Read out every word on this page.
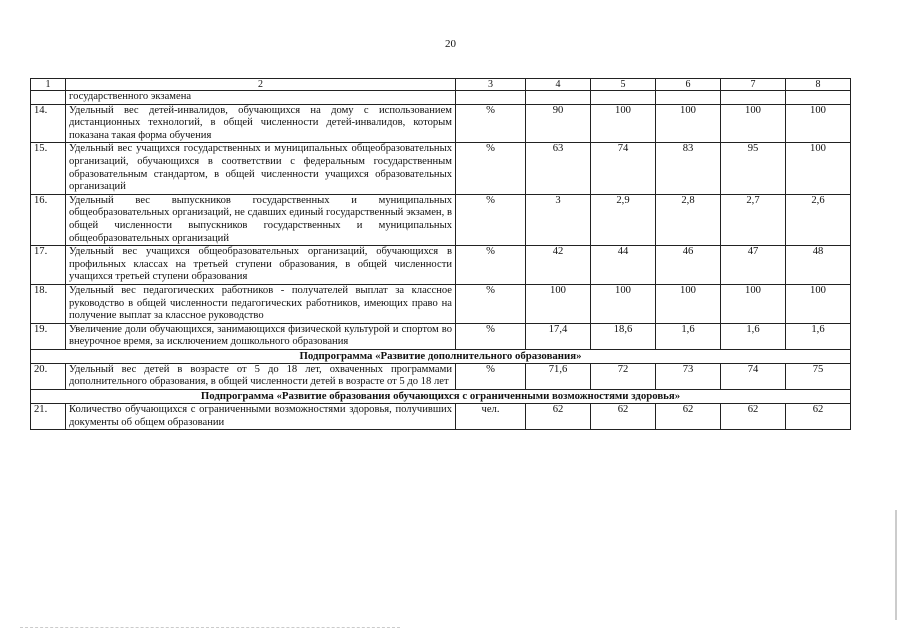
20
1	2	3	4	5	6	7	8
	государственного экзамена						
14.	Удельный вес детей-инвалидов, обучающихся на дому с использованием дистанционных технологий, в общей численности детей-инвалидов, которым показана такая форма обучения	%	90	100	100	100	100
15.	Удельный вес учащихся государственных и муниципальных общеобразовательных организаций, обучающихся в соответствии с федеральным государственным образовательным стандартом, в общей численности учащихся образовательных организаций	%	63	74	83	95	100
16.	Удельный вес выпускников государственных и муниципальных общеобразовательных организаций, не сдавших единый государственный экзамен, в общей численности выпускников государственных и муниципальных общеобразовательных организаций	%	3	2,9	2,8	2,7	2,6
17.	Удельный вес учащихся общеобразовательных организаций, обучающихся в профильных классах на третьей ступени образования, в общей численности учащихся третьей ступени образования	%	42	44	46	47	48
18.	Удельный вес педагогических работников - получателей выплат за классное руководство в общей численности педагогических работников, имеющих право на получение выплат за классное руководство	%	100	100	100	100	100
19.	Увеличение доли обучающихся, занимающихся физической культурой и спортом во внеурочное время, за исключением дошкольного образования	%	17,4	18,6	1,6	1,6	1,6
Подпрограмма «Развитие дополнительного образования»							
20.	Удельный вес детей в возрасте от 5 до 18 лет, охваченных программами дополнительного образования, в общей численности детей в возрасте от 5 до 18 лет	%	71,6	72	73	74	75
Подпрограмма «Развитие образования обучающихся с ограниченными возможностями здоровья»							
21.	Количество обучающихся с ограниченными возможностями здоровья, получивших документы об общем образовании	чел.	62	62	62	62	62
